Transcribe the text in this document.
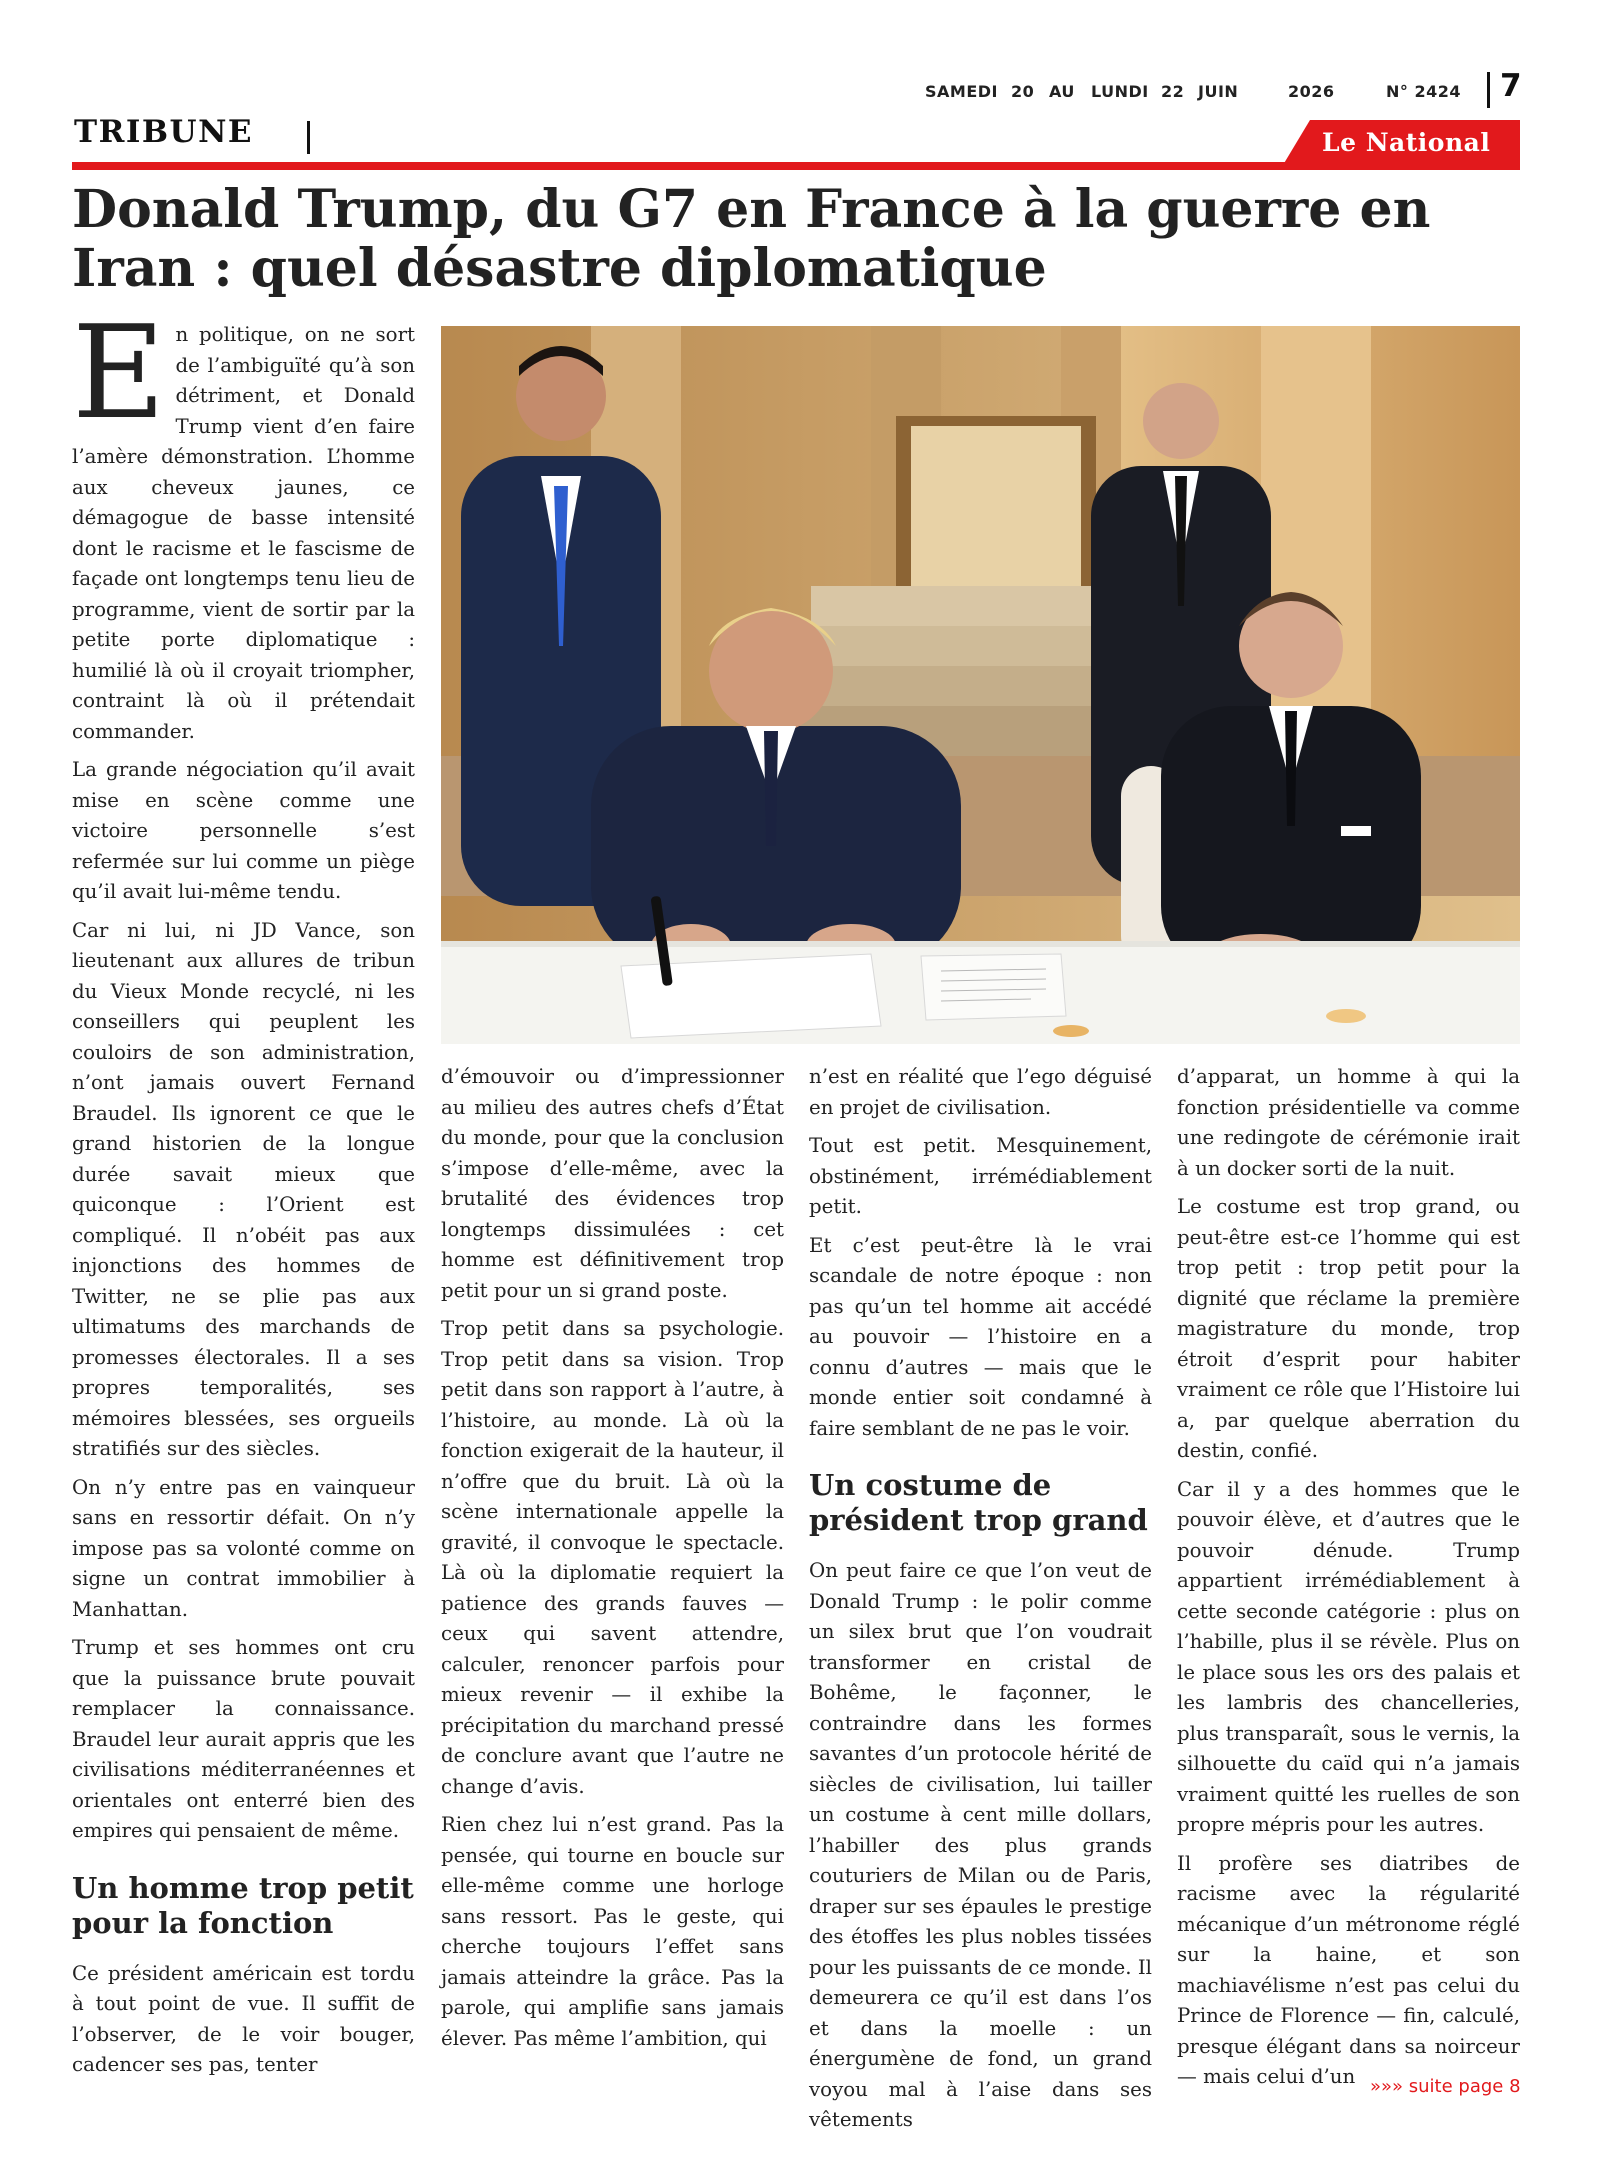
SAMEDI 20 AU LUNDI 22 JUIN	2026	N° 2424 7
TRIBUNE	Le National
Donald Trump, du G7 en France à la guerre en Iran : quel désastre diplomatique
E n politique, on ne sort de l’ambiguïté qu’à son détriment, et Donald Trump vient d’en faire l’amère démonstration. L’homme aux cheveux jaunes, ce démagogue de basse intensité dont le racisme et le fascisme de façade ont longtemps tenu lieu de programme, vient de sortir par la petite porte diplomatique : humilié là où il croyait triompher, contraint là où il prétendait commander.

La grande négociation qu’il avait mise en scène comme une victoire personnelle s’est refermée sur lui comme un piège qu’il avait lui-même tendu.

Car ni lui, ni JD Vance, son lieutenant aux allures de tribun du Vieux Monde recyclé, ni les conseillers qui peuplent les couloirs de son administration, n’ont jamais ouvert Fernand Braudel. Ils ignorent ce que le grand historien de la longue durée savait mieux que quiconque : l’Orient est compliqué. Il n’obéit pas aux injonctions des hommes de Twitter, ne se plie pas aux ultimatums des marchands de promesses électorales. Il a ses propres temporalités, ses mémoires blessées, ses orgueils stratifiés sur des siècles.

On n’y entre pas en vainqueur sans en ressortir défait. On n’y impose pas sa volonté comme on signe un contrat immobilier à Manhattan.

Trump et ses hommes ont cru que la puissance brute pouvait remplacer la connaissance. Braudel leur aurait appris que les civilisations méditerranéennes et orientales ont enterré bien des empires qui pensaient de même.

Un homme trop petit pour la fonction

Ce président américain est tordu à tout point de vue. Il suffit de l’observer, de le voir bouger, cadencer ses pas, tenter

d’émouvoir ou d’impressionner au milieu des autres chefs d’État du monde, pour que la conclusion s’impose d’elle-même, avec la brutalité des évidences trop longtemps dissimulées : cet homme est définitivement trop petit pour un si grand poste.

Trop petit dans sa psychologie. Trop petit dans sa vision. Trop petit dans son rapport à l’autre, à l’histoire, au monde. Là où la fonction exigerait de la hauteur, il n’offre que du bruit. Là où la scène internationale appelle la gravité, il convoque le spectacle. Là où la diplomatie requiert la patience des grands fauves — ceux qui savent attendre, calculer, renoncer parfois pour mieux revenir — il exhibe la précipitation du marchand pressé de conclure avant que l’autre ne change d’avis.

Rien chez lui n’est grand. Pas la pensée, qui tourne en boucle sur elle-même comme une horloge sans ressort. Pas le geste, qui cherche toujours l’effet sans jamais atteindre la grâce. Pas la parole, qui amplifie sans jamais élever. Pas même l’ambition, qui

n’est en réalité que l’ego déguisé en projet de civilisation.

Tout est petit. Mesquinement, obstinément, irrémédiablement petit.

Et c’est peut-être là le vrai scandale de notre époque : non pas qu’un tel homme ait accédé au pouvoir — l’histoire en a connu d’autres — mais que le monde entier soit condamné à faire semblant de ne pas le voir.

Un costume de président trop grand

On peut faire ce que l’on veut de Donald Trump : le polir comme un silex brut que l’on voudrait transformer en cristal de Bohême, le façonner, le contraindre dans les formes savantes d’un protocole hérité de siècles de civilisation, lui tailler un costume à cent mille dollars, l’habiller des plus grands couturiers de Milan ou de Paris, draper sur ses épaules le prestige des étoffes les plus nobles tissées pour les puissants de ce monde. Il demeurera ce qu’il est dans l’os et dans la moelle : un énergumène de fond, un grand voyou mal à l’aise dans ses vêtements

d’apparat, un homme à qui la fonction présidentielle va comme une redingote de cérémonie irait à un docker sorti de la nuit.

Le costume est trop grand, ou peut-être est-ce l’homme qui est trop petit : trop petit pour la dignité que réclame la première magistrature du monde, trop étroit d’esprit pour habiter vraiment ce rôle que l’Histoire lui a, par quelque aberration du destin, confié.

Car il y a des hommes que le pouvoir élève, et d’autres que le pouvoir dénude. Trump appartient irrémédiablement à cette seconde catégorie : plus on l’habille, plus il se révèle. Plus on le place sous les ors des palais et les lambris des chancelleries, plus transparaît, sous le vernis, la silhouette du caïd qui n’a jamais vraiment quitté les ruelles de son propre mépris pour les autres.

Il profère ses diatribes de racisme avec la régularité mécanique d’un métronome réglé sur la haine, et son machiavélisme n’est pas celui du Prince de Florence — fin, calculé, presque élégant dans sa noirceur — mais celui d’un »»» suite page 8
